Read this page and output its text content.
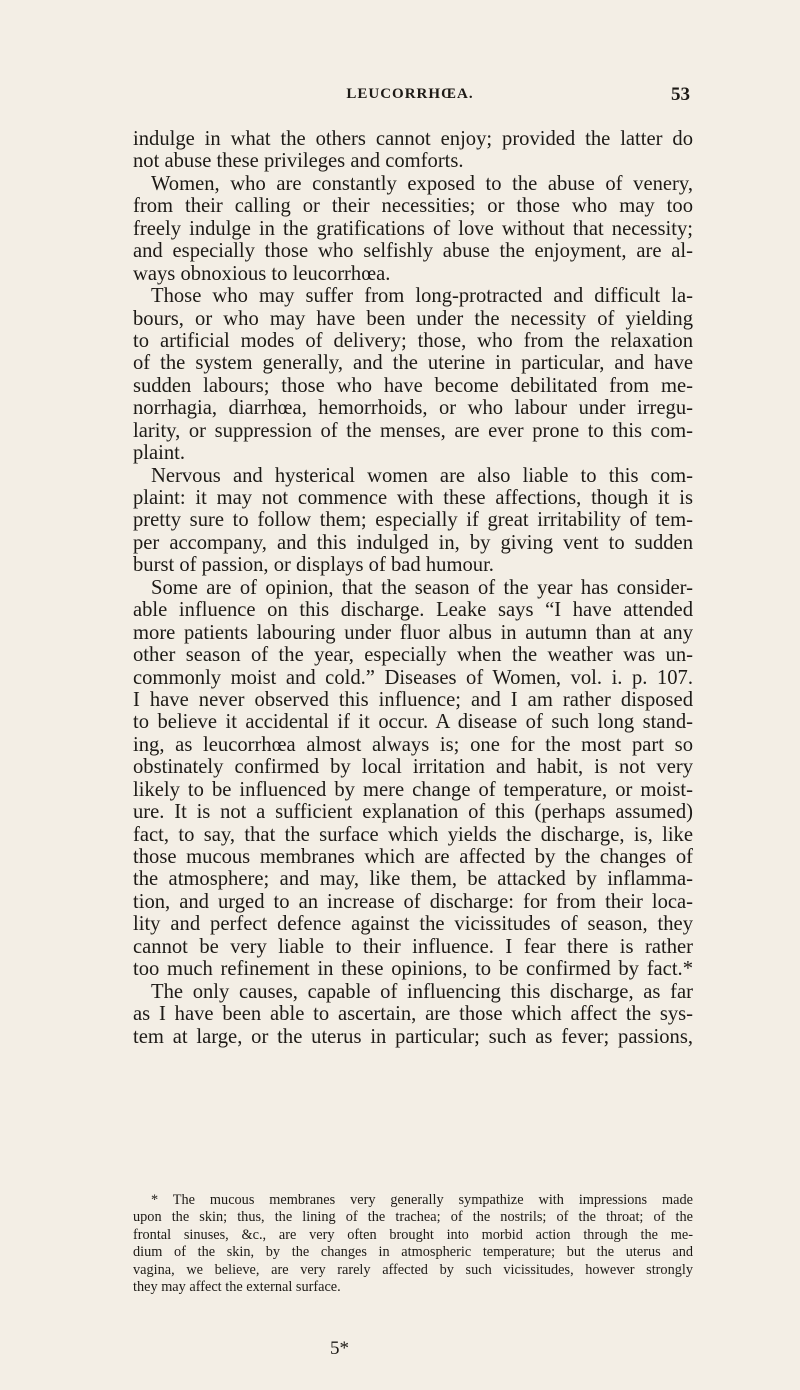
LEUCORRHŒA.	53
indulge in what the others cannot enjoy; provided the latter do
not abuse these privileges and comforts.
Women, who are constantly exposed to the abuse of venery,
from their calling or their necessities; or those who may too
freely indulge in the gratifications of love without that necessity;
and especially those who selfishly abuse the enjoyment, are al-
ways obnoxious to leucorrhœa.
Those who may suffer from long-protracted and difficult la-
bours, or who may have been under the necessity of yielding
to artificial modes of delivery; those, who from the relaxation
of the system generally, and the uterine in particular, and have
sudden labours; those who have become debilitated from me-
norrhagia, diarrhœa, hemorrhoids, or who labour under irregu-
larity, or suppression of the menses, are ever prone to this com-
plaint.
Nervous and hysterical women are also liable to this com-
plaint: it may not commence with these affections, though it is
pretty sure to follow them; especially if great irritability of tem-
per accompany, and this indulged in, by giving vent to sudden
burst of passion, or displays of bad humour.
Some are of opinion, that the season of the year has consider-
able influence on this discharge. Leake says “I have attended
more patients labouring under fluor albus in autumn than at any
other season of the year, especially when the weather was un-
commonly moist and cold.” Diseases of Women, vol. i. p. 107.
I have never observed this influence; and I am rather disposed
to believe it accidental if it occur. A disease of such long stand-
ing, as leucorrhœa almost always is; one for the most part so
obstinately confirmed by local irritation and habit, is not very
likely to be influenced by mere change of temperature, or moist-
ure. It is not a sufficient explanation of this (perhaps assumed)
fact, to say, that the surface which yields the discharge, is, like
those mucous membranes which are affected by the changes of
the atmosphere; and may, like them, be attacked by inflamma-
tion, and urged to an increase of discharge: for from their loca-
lity and perfect defence against the vicissitudes of season, they
cannot be very liable to their influence. I fear there is rather
too much refinement in these opinions, to be confirmed by fact.*
The only causes, capable of influencing this discharge, as far
as I have been able to ascertain, are those which affect the sys-
tem at large, or the uterus in particular; such as fever; passions,
* The mucous membranes very generally sympathize with impressions made
upon the skin; thus, the lining of the trachea; of the nostrils; of the throat; of the
frontal sinuses, &c., are very often brought into morbid action through the me-
dium of the skin, by the changes in atmospheric temperature; but the uterus and
vagina, we believe, are very rarely affected by such vicissitudes, however strongly
they may affect the external surface.
5*
